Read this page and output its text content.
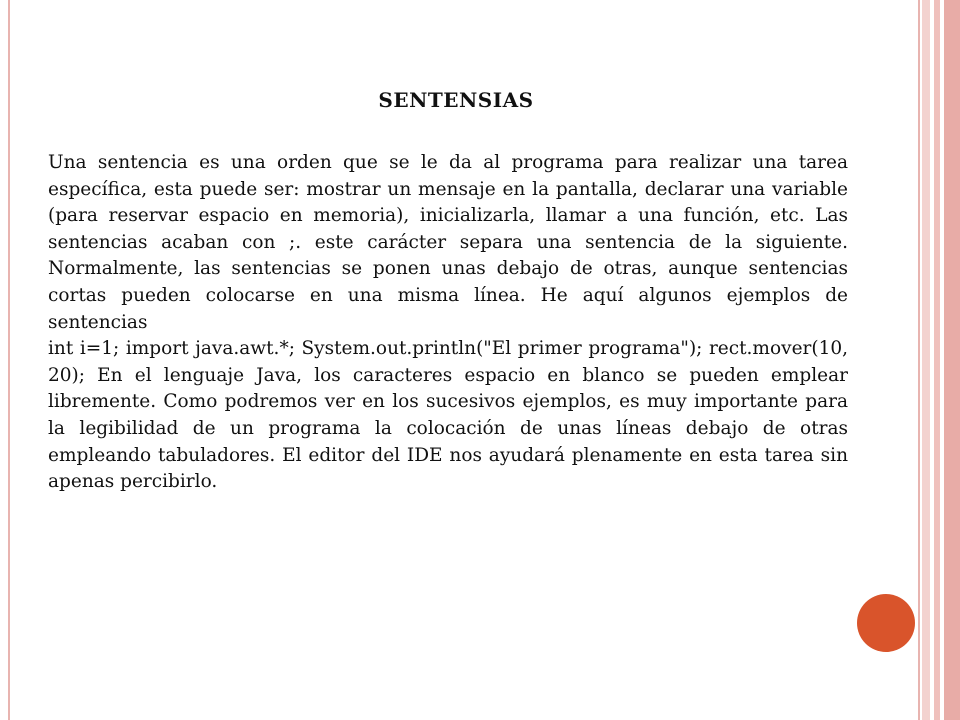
SENTENSIAS

Una sentencia es una orden que se le da al programa para realizar una tarea específica, esta puede ser: mostrar un mensaje en la pantalla, declarar una variable (para reservar espacio en memoria), inicializarla, llamar a una función, etc. Las sentencias acaban con ;. este carácter separa una sentencia de la siguiente. Normalmente, las sentencias se ponen unas debajo de otras, aunque sentencias cortas pueden colocarse en una misma línea. He aquí algunos ejemplos de sentencias

int i=1; import java.awt.*; System.out.println("El primer programa"); rect.mover(10, 20); En el lenguaje Java, los caracteres espacio en blanco se pueden emplear libremente. Como podremos ver en los sucesivos ejemplos, es muy importante para la legibilidad de un programa la colocación de unas líneas debajo de otras empleando tabuladores. El editor del IDE nos ayudará plenamente en esta tarea sin apenas percibirlo.
